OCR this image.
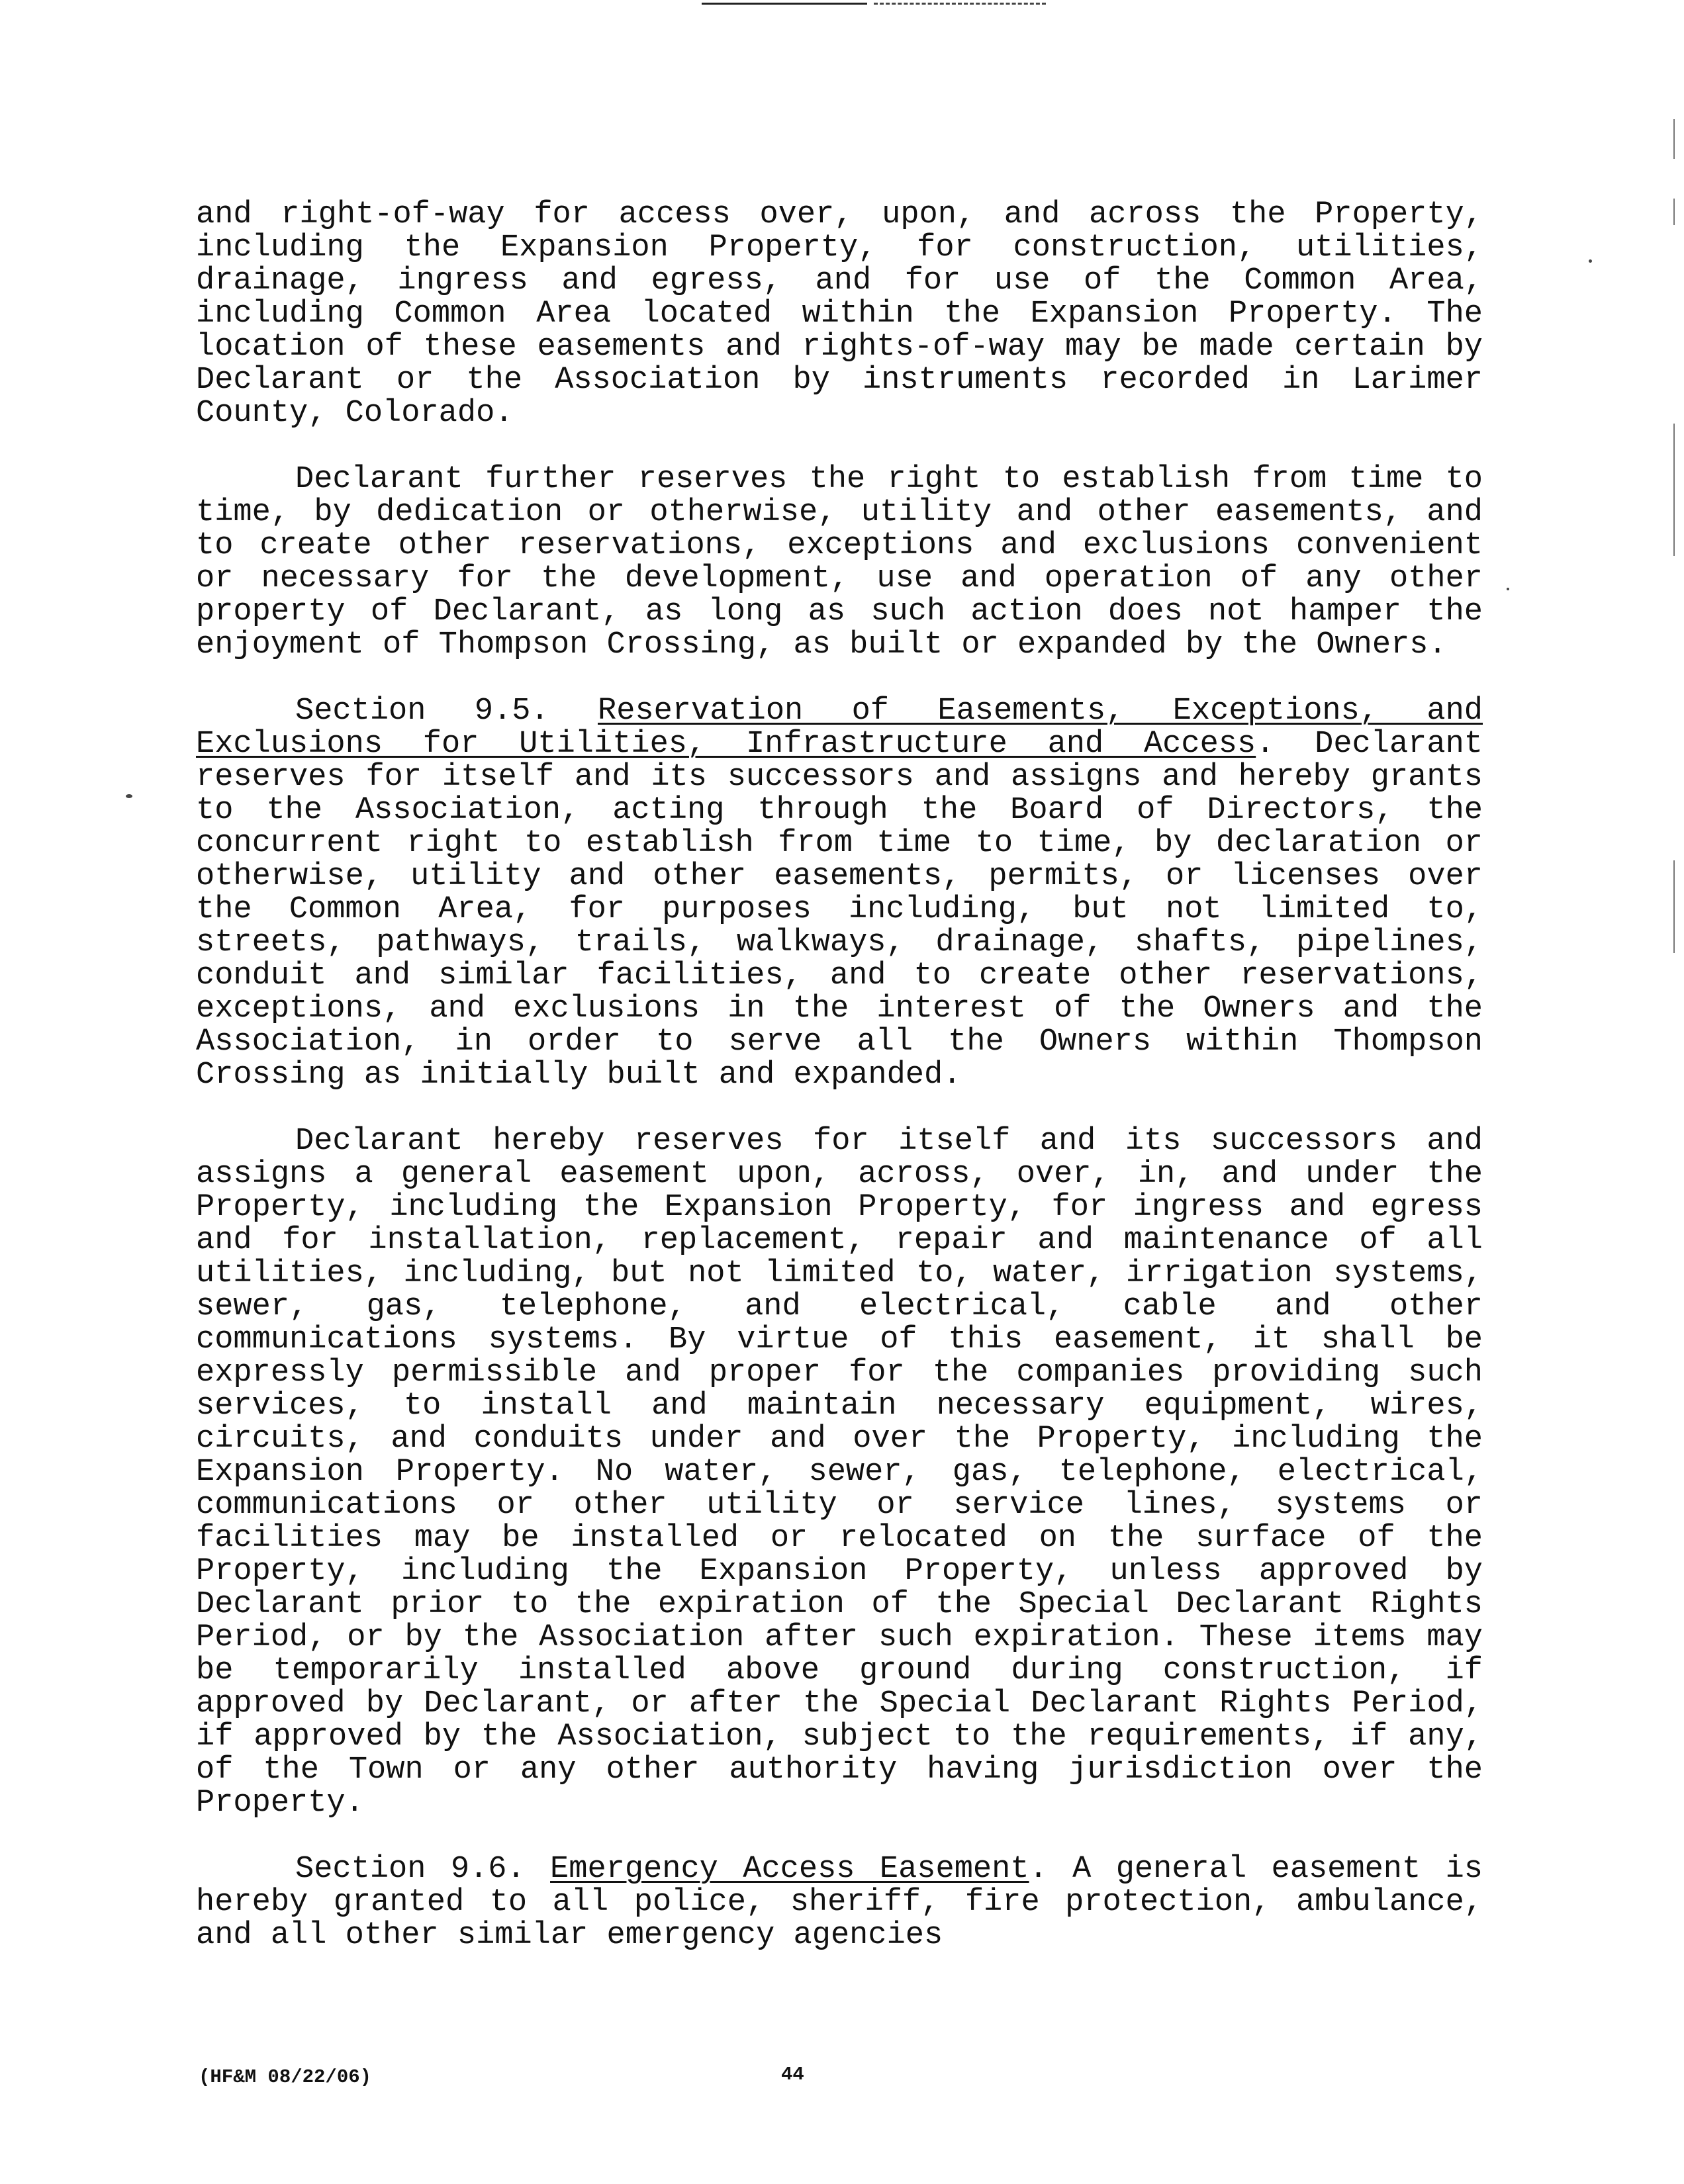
and right-of-way for access over, upon, and across the Property, including the Expansion Property, for construction, utilities, drainage, ingress and egress, and for use of the Common Area, including Common Area located within the Expansion Property. The location of these easements and rights-of-way may be made certain by Declarant or the Association by instruments recorded in Larimer County, Colorado.

Declarant further reserves the right to establish from time to time, by dedication or otherwise, utility and other easements, and to create other reservations, exceptions and exclusions convenient or necessary for the development, use and operation of any other property of Declarant, as long as such action does not hamper the enjoyment of Thompson Crossing, as built or expanded by the Owners.

Section 9.5. Reservation of Easements, Exceptions, and Exclusions for Utilities, Infrastructure and Access. Declarant reserves for itself and its successors and assigns and hereby grants to the Association, acting through the Board of Directors, the concurrent right to establish from time to time, by declaration or otherwise, utility and other easements, permits, or licenses over the Common Area, for purposes including, but not limited to, streets, pathways, trails, walkways, drainage, shafts, pipelines, conduit and similar facilities, and to create other reservations, exceptions, and exclusions in the interest of the Owners and the Association, in order to serve all the Owners within Thompson Crossing as initially built and expanded.

Declarant hereby reserves for itself and its successors and assigns a general easement upon, across, over, in, and under the Property, including the Expansion Property, for ingress and egress and for installation, replacement, repair and maintenance of all utilities, including, but not limited to, water, irrigation systems, sewer, gas, telephone, and electrical, cable and other communications systems. By virtue of this easement, it shall be expressly permissible and proper for the companies providing such services, to install and maintain necessary equipment, wires, circuits, and conduits under and over the Property, including the Expansion Property. No water, sewer, gas, telephone, electrical, communications or other utility or service lines, systems or facilities may be installed or relocated on the surface of the Property, including the Expansion Property, unless approved by Declarant prior to the expiration of the Special Declarant Rights Period, or by the Association after such expiration. These items may be temporarily installed above ground during construction, if approved by Declarant, or after the Special Declarant Rights Period, if approved by the Association, subject to the requirements, if any, of the Town or any other authority having jurisdiction over the Property.

Section 9.6. Emergency Access Easement. A general easement is hereby granted to all police, sheriff, fire protection, ambulance, and all other similar emergency agencies

(HF&M 08/22/06)	44
